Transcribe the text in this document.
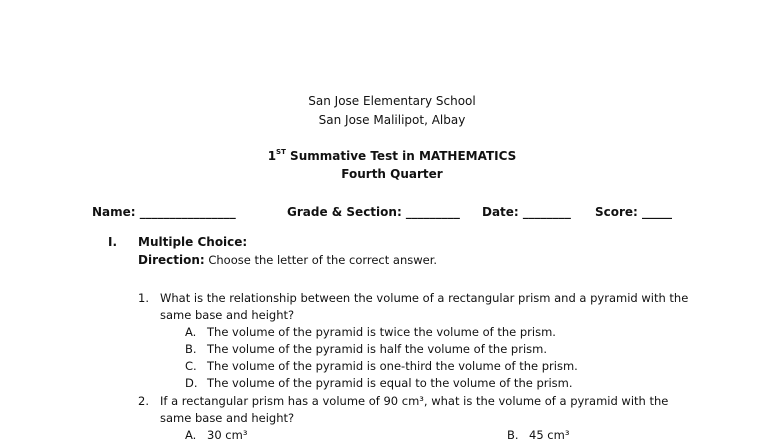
San Jose Elementary School
San Jose Malilipot, Albay
1ST Summative Test in MATHEMATICS
Fourth Quarter
Name: ________________	Grade & Section: _________ Date: ________ Score: _____
I. Multiple Choice:
Direction: Choose the letter of the correct answer.
1. What is the relationship between the volume of a rectangular prism and a pyramid with the
same base and height?
A. The volume of the pyramid is twice the volume of the prism.
B. The volume of the pyramid is half the volume of the prism.
C. The volume of the pyramid is one-third the volume of the prism.
D. The volume of the pyramid is equal to the volume of the prism.
2. If a rectangular prism has a volume of 90 cm³, what is the volume of a pyramid with the
same base and height?
A. 30 cm³	B. 45 cm³
